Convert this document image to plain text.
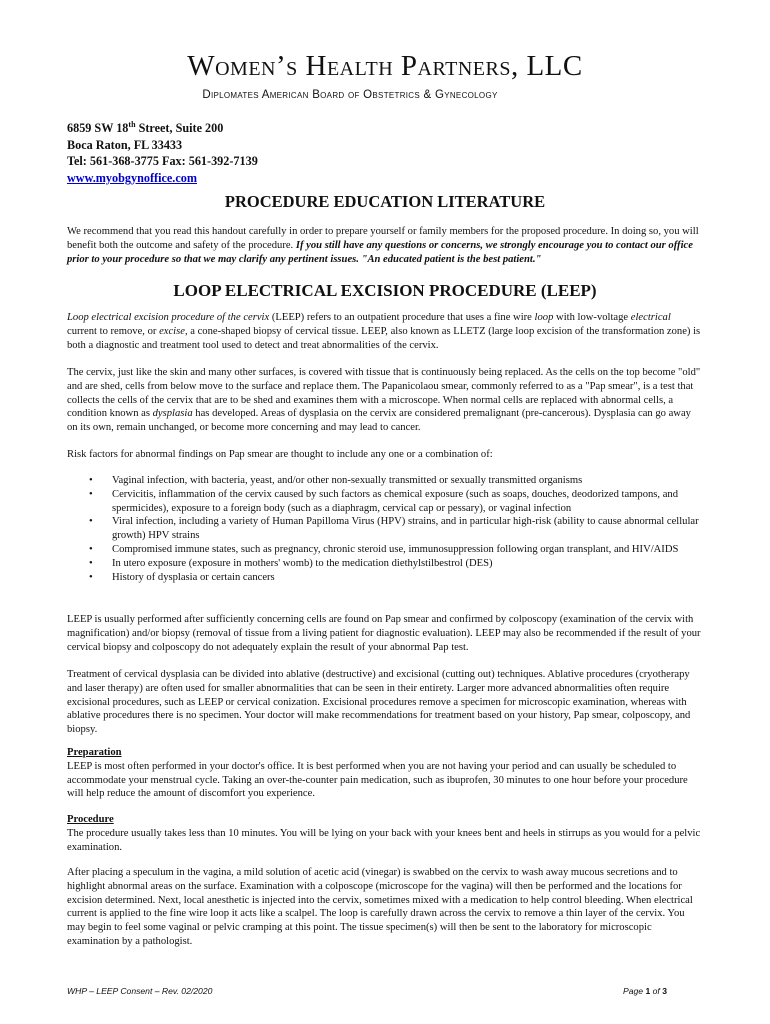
Women’s Health Partners, LLC
Diplomates American Board of Obstetrics & Gynecology
6859 SW 18th Street, Suite 200
Boca Raton, FL 33433
Tel: 561-368-3775 Fax: 561-392-7139
www.myobgynoffice.com
PROCEDURE EDUCATION LITERATURE
We recommend that you read this handout carefully in order to prepare yourself or family members for the proposed procedure. In doing so, you will benefit both the outcome and safety of the procedure. If you still have any questions or concerns, we strongly encourage you to contact our office prior to your procedure so that we may clarify any pertinent issues. "An educated patient is the best patient."
LOOP ELECTRICAL EXCISION PROCEDURE (LEEP)
Loop electrical excision procedure of the cervix (LEEP) refers to an outpatient procedure that uses a fine wire loop with low-voltage electrical current to remove, or excise, a cone-shaped biopsy of cervical tissue. LEEP, also known as LLETZ (large loop excision of the transformation zone) is both a diagnostic and treatment tool used to detect and treat abnormalities of the cervix.
The cervix, just like the skin and many other surfaces, is covered with tissue that is continuously being replaced. As the cells on the top become "old" and are shed, cells from below move to the surface and replace them. The Papanicolaou smear, commonly referred to as a "Pap smear", is a test that collects the cells of the cervix that are to be shed and examines them with a microscope. When normal cells are replaced with abnormal cells, a condition known as dysplasia has developed. Areas of dysplasia on the cervix are considered premalignant (pre-cancerous). Dysplasia can go away on its own, remain unchanged, or become more concerning and may lead to cancer.
Risk factors for abnormal findings on Pap smear are thought to include any one or a combination of:
• Vaginal infection, with bacteria, yeast, and/or other non-sexually transmitted or sexually transmitted organisms
• Cervicitis, inflammation of the cervix caused by such factors as chemical exposure (such as soaps, douches, deodorized tampons, and spermicides), exposure to a foreign body (such as a diaphragm, cervical cap or pessary), or vaginal infection
• Viral infection, including a variety of Human Papilloma Virus (HPV) strains, and in particular high-risk (ability to cause abnormal cellular growth) HPV strains
• Compromised immune states, such as pregnancy, chronic steroid use, immunosuppression following organ transplant, and HIV/AIDS
• In utero exposure (exposure in mothers' womb) to the medication diethylstilbestrol (DES)
• History of dysplasia or certain cancers
LEEP is usually performed after sufficiently concerning cells are found on Pap smear and confirmed by colposcopy (examination of the cervix with magnification) and/or biopsy (removal of tissue from a living patient for diagnostic evaluation). LEEP may also be recommended if the result of your cervical biopsy and colposcopy do not adequately explain the result of your abnormal Pap test.
Treatment of cervical dysplasia can be divided into ablative (destructive) and excisional (cutting out) techniques. Ablative procedures (cryotherapy and laser therapy) are often used for smaller abnormalities that can be seen in their entirety. Larger more advanced abnormalities often require excisional procedures, such as LEEP or cervical conization. Excisional procedures remove a specimen for microscopic examination, whereas with ablative procedures there is no specimen. Your doctor will make recommendations for treatment based on your history, Pap smear, colposcopy, and biopsy.
Preparation
LEEP is most often performed in your doctor's office. It is best performed when you are not having your period and can usually be scheduled to accommodate your menstrual cycle. Taking an over-the-counter pain medication, such as ibuprofen, 30 minutes to one hour before your procedure will help reduce the amount of discomfort you experience.
Procedure
The procedure usually takes less than 10 minutes. You will be lying on your back with your knees bent and heels in stirrups as you would for a pelvic examination.
After placing a speculum in the vagina, a mild solution of acetic acid (vinegar) is swabbed on the cervix to wash away mucous secretions and to highlight abnormal areas on the surface. Examination with a colposcope (microscope for the vagina) will then be performed and the locations for excision determined. Next, local anesthetic is injected into the cervix, sometimes mixed with a medication to help control bleeding. When electrical current is applied to the fine wire loop it acts like a scalpel. The loop is carefully drawn across the cervix to remove a thin layer of the cervix. You may begin to feel some vaginal or pelvic cramping at this point. The tissue specimen(s) will then be sent to the laboratory for microscopic examination by a pathologist.
WHP – LEEP Consent – Rev. 02/2020	Page 1 of 3
